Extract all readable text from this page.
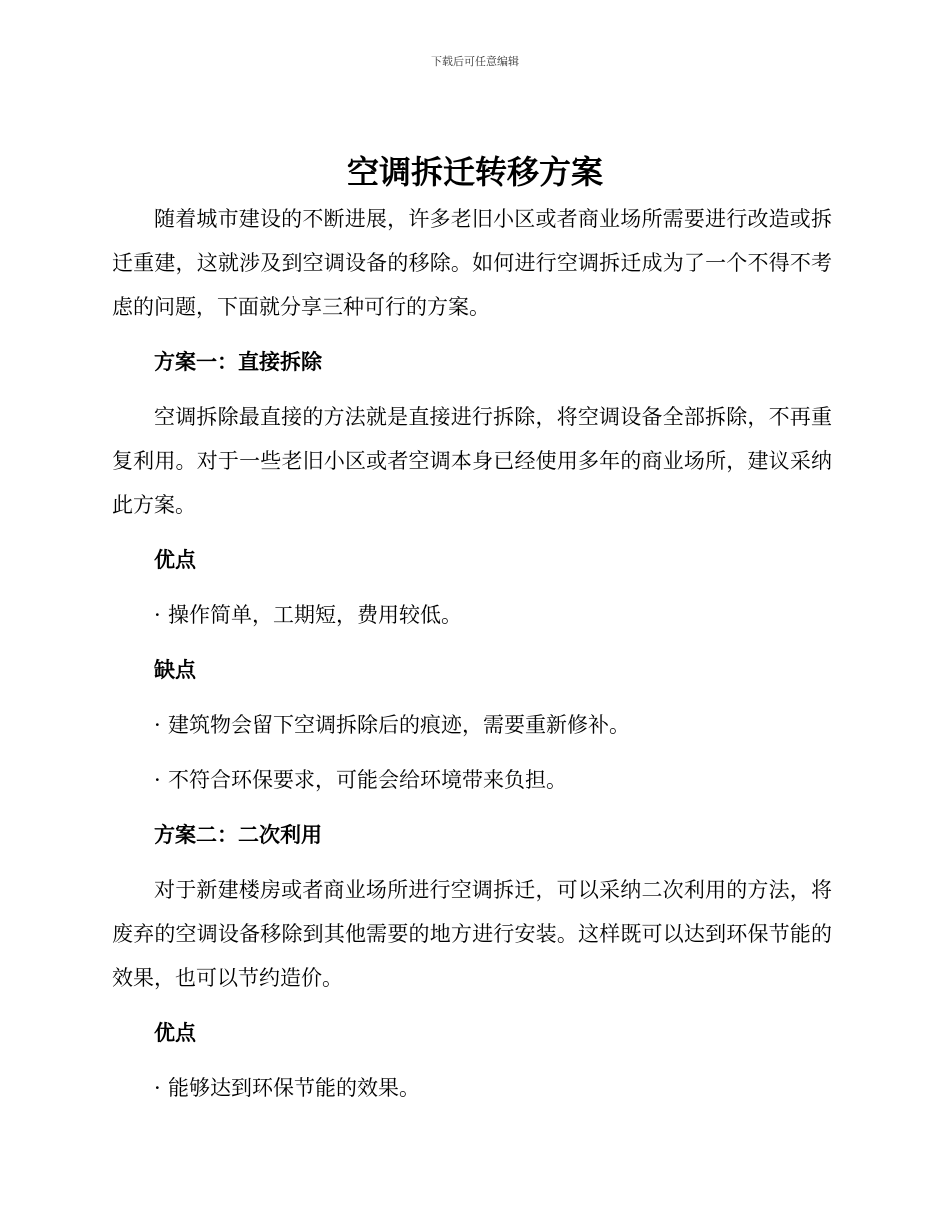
下载后可任意编辑
空调拆迁转移方案

随着城市建设的不断进展，许多老旧小区或者商业场所需要进行改造或拆迁重建，这就涉及到空调设备的移除。如何进行空调拆迁成为了一个不得不考虑的问题，下面就分享三种可行的方案。

方案一：直接拆除

空调拆除最直接的方法就是直接进行拆除，将空调设备全部拆除，不再重复利用。对于一些老旧小区或者空调本身已经使用多年的商业场所，建议采纳此方案。

优点
· 操作简单，工期短，费用较低。
缺点
· 建筑物会留下空调拆除后的痕迹，需要重新修补。
· 不符合环保要求，可能会给环境带来负担。
方案二：二次利用

对于新建楼房或者商业场所进行空调拆迁，可以采纳二次利用的方法，将废弃的空调设备移除到其他需要的地方进行安装。这样既可以达到环保节能的效果，也可以节约造价。

优点
· 能够达到环保节能的效果。
